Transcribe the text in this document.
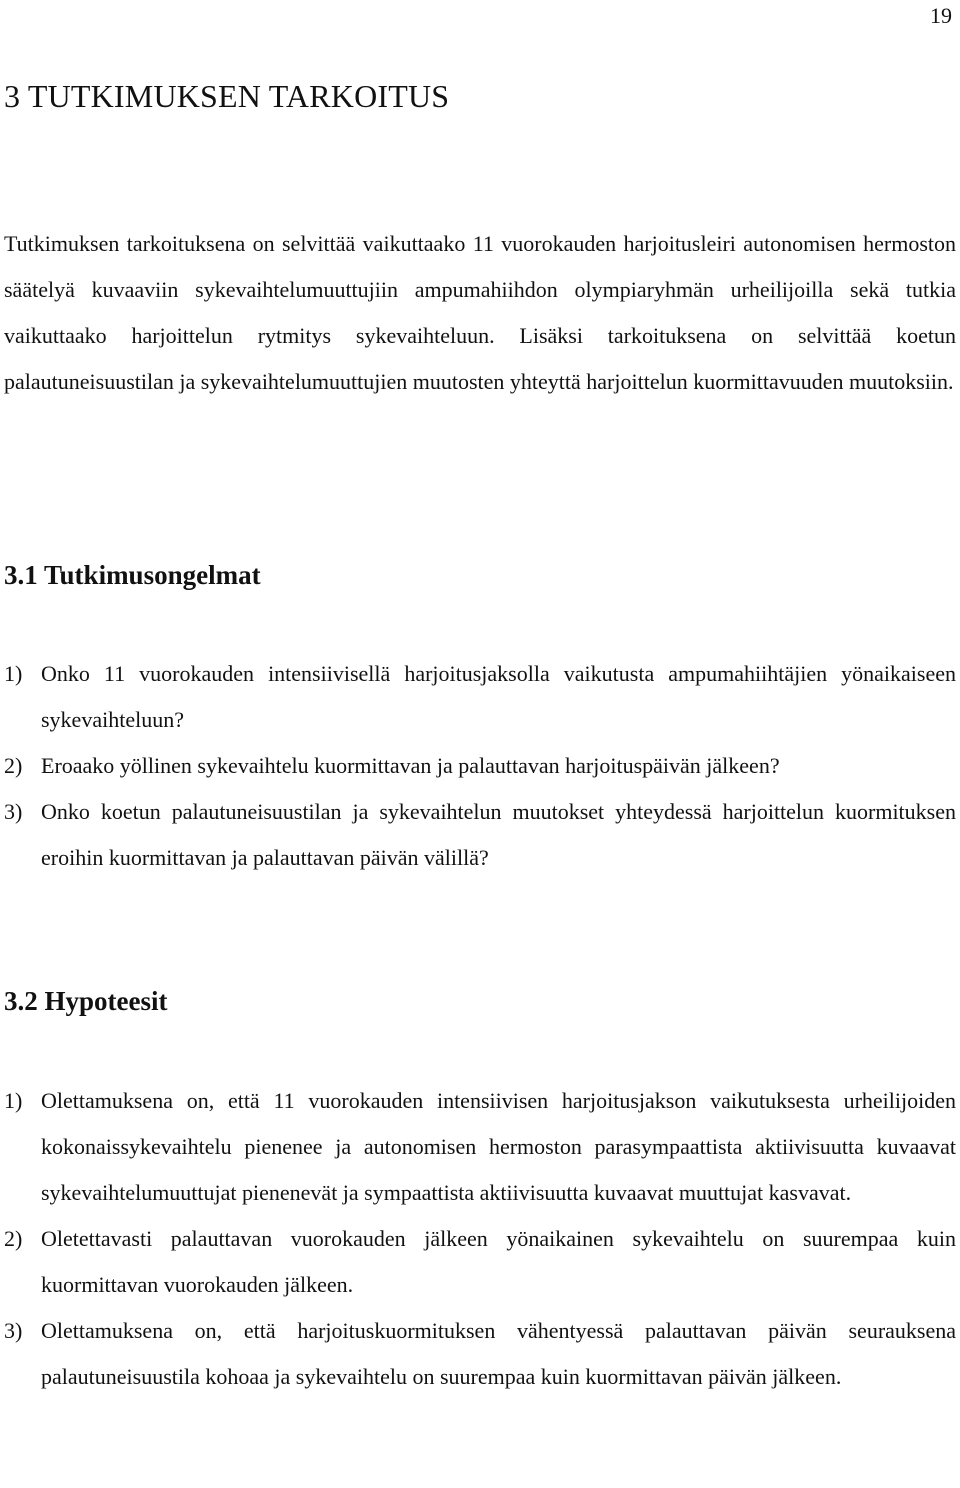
19
3 TUTKIMUKSEN TARKOITUS

Tutkimuksen tarkoituksena on selvittää vaikuttaako 11 vuorokauden harjoitusleiri autonomisen hermoston säätelyä kuvaaviin sykevaihtelumuuttujiin ampumahiihdon olympiaryhmän urheilijoilla sekä tutkia vaikuttaako harjoittelun rytmitys sykevaihteluun. Lisäksi tarkoituksena on selvittää koetun palautuneisuustilan ja sykevaihtelumuuttujien muutosten yhteyttä harjoittelun kuormittavuuden muutoksiin.

3.1 Tutkimusongelmat
1) Onko 11 vuorokauden intensiivisellä harjoitusjaksolla vaikutusta ampumahiihtäjien yönaikaiseen sykevaihteluun?
2) Eroaako yöllinen sykevaihtelu kuormittavan ja palauttavan harjoituspäivän jälkeen?
3) Onko koetun palautuneisuustilan ja sykevaihtelun muutokset yhteydessä harjoittelun kuormituksen eroihin kuormittavan ja palauttavan päivän välillä?
3.2 Hypoteesit
1) Olettamuksena on, että 11 vuorokauden intensiivisen harjoitusjakson vaikutuksesta urheilijoiden kokonaissykevaihtelu pienenee ja autonomisen hermoston parasympaattista aktiivisuutta kuvaavat sykevaihtelumuuttujat pienenevät ja sympaattista aktiivisuutta kuvaavat muuttujat kasvavat.
2) Oletettavasti palauttavan vuorokauden jälkeen yönaikainen sykevaihtelu on suurempaa kuin kuormittavan vuorokauden jälkeen.
3) Olettamuksena on, että harjoituskuormituksen vähentyessä palauttavan päivän seurauksena palautuneisuustila kohoaa ja sykevaihtelu on suurempaa kuin kuormittavan päivän jälkeen.
